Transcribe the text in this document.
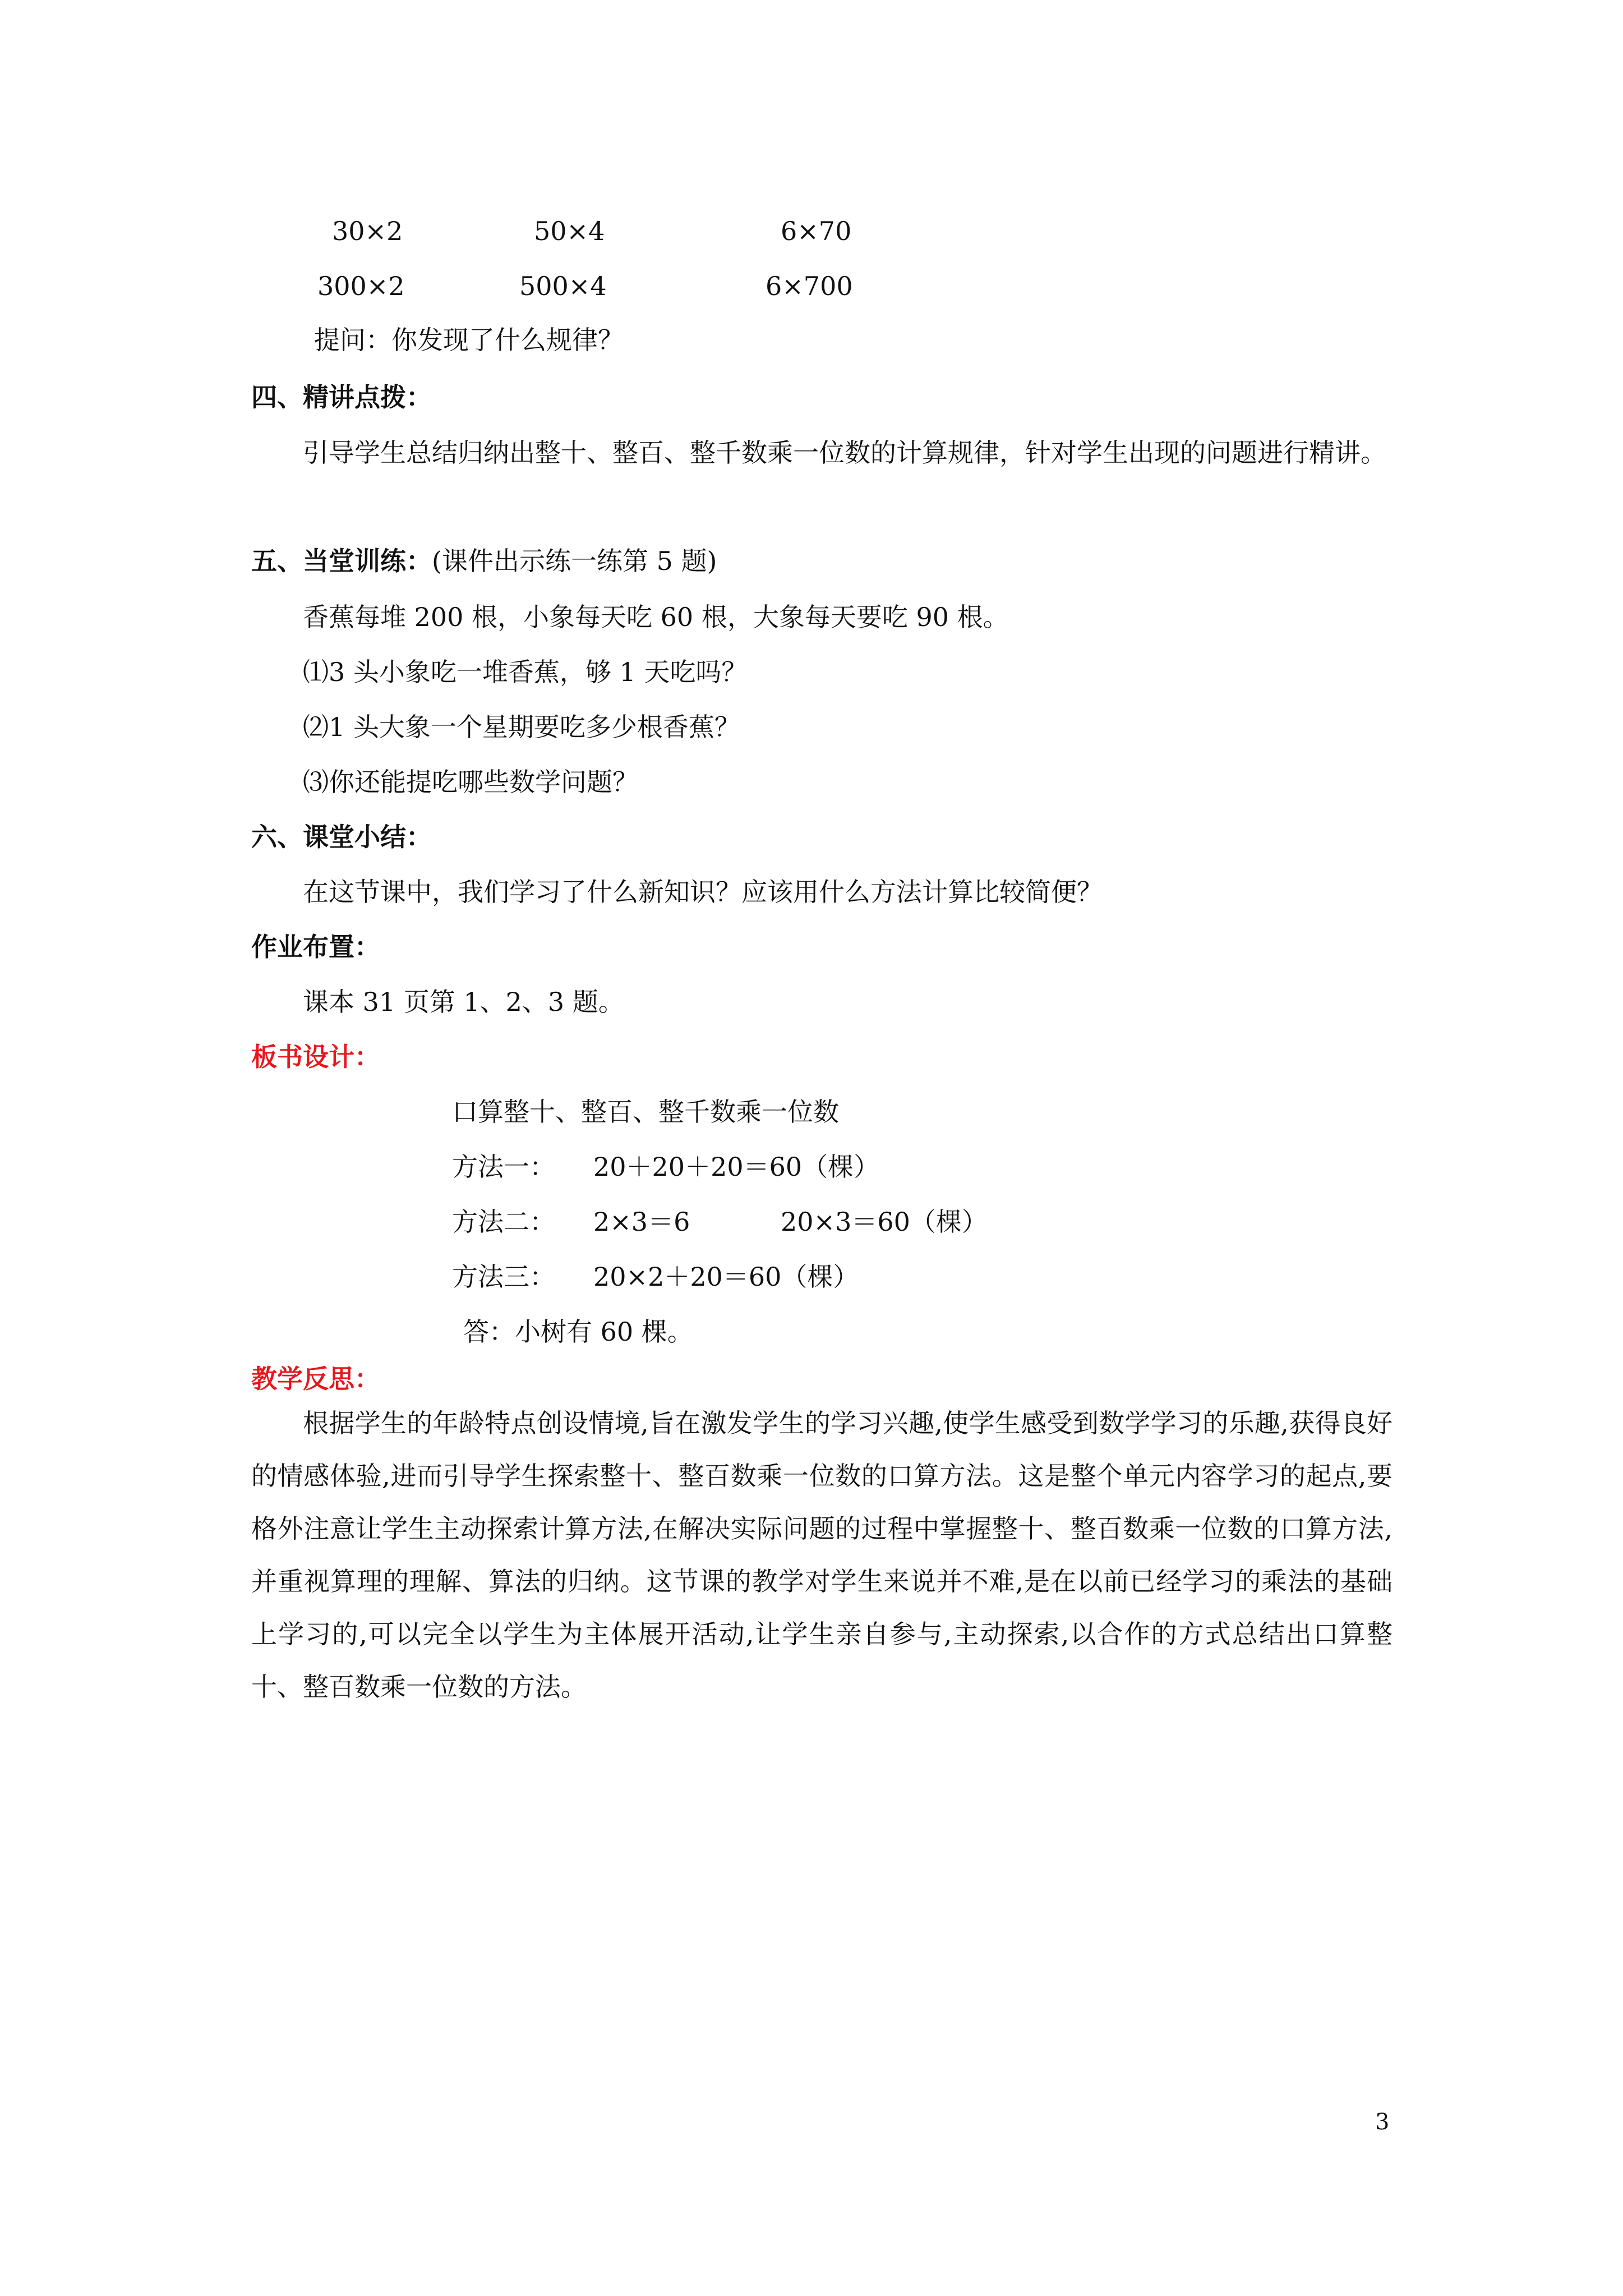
30×2	50×4	6×70
300×2	500×4	6×700
提问：你发现了什么规律？
四、精讲点拨：
引导学生总结归纳出整十、整百、整千数乘一位数的计算规律，针对学生出现的问题进行精讲。
五、当堂训练：(课件出示练一练第 5 题)
香蕉每堆 200 根，小象每天吃 60 根，大象每天要吃 90 根。
⑴3 头小象吃一堆香蕉，够 1 天吃吗？
⑵1 头大象一个星期要吃多少根香蕉？
⑶你还能提吃哪些数学问题？
六、课堂小结：
在这节课中，我们学习了什么新知识？应该用什么方法计算比较简便？
作业布置：
课本 31 页第 1、2、3 题。
板书设计：
口算整十、整百、整千数乘一位数
方法一： 20＋20＋20＝60（棵）
方法二： 2×3＝6	20×3＝60（棵）
方法三： 20×2＋20＝60（棵）
答：小树有 60 棵。
教学反思：
根据学生的年龄特点创设情境,旨在激发学生的学习兴趣,使学生感受到数学学习的乐趣,获得良好的情感体验,进而引导学生探索整十、整百数乘一位数的口算方法。这是整个单元内容学习的起点,要格外注意让学生主动探索计算方法,在解决实际问题的过程中掌握整十、整百数乘一位数的口算方法,并重视算理的理解、算法的归纳。这节课的教学对学生来说并不难,是在以前已经学习的乘法的基础上学习的,可以完全以学生为主体展开活动,让学生亲自参与,主动探索,以合作的方式总结出口算整十、整百数乘一位数的方法。
3
